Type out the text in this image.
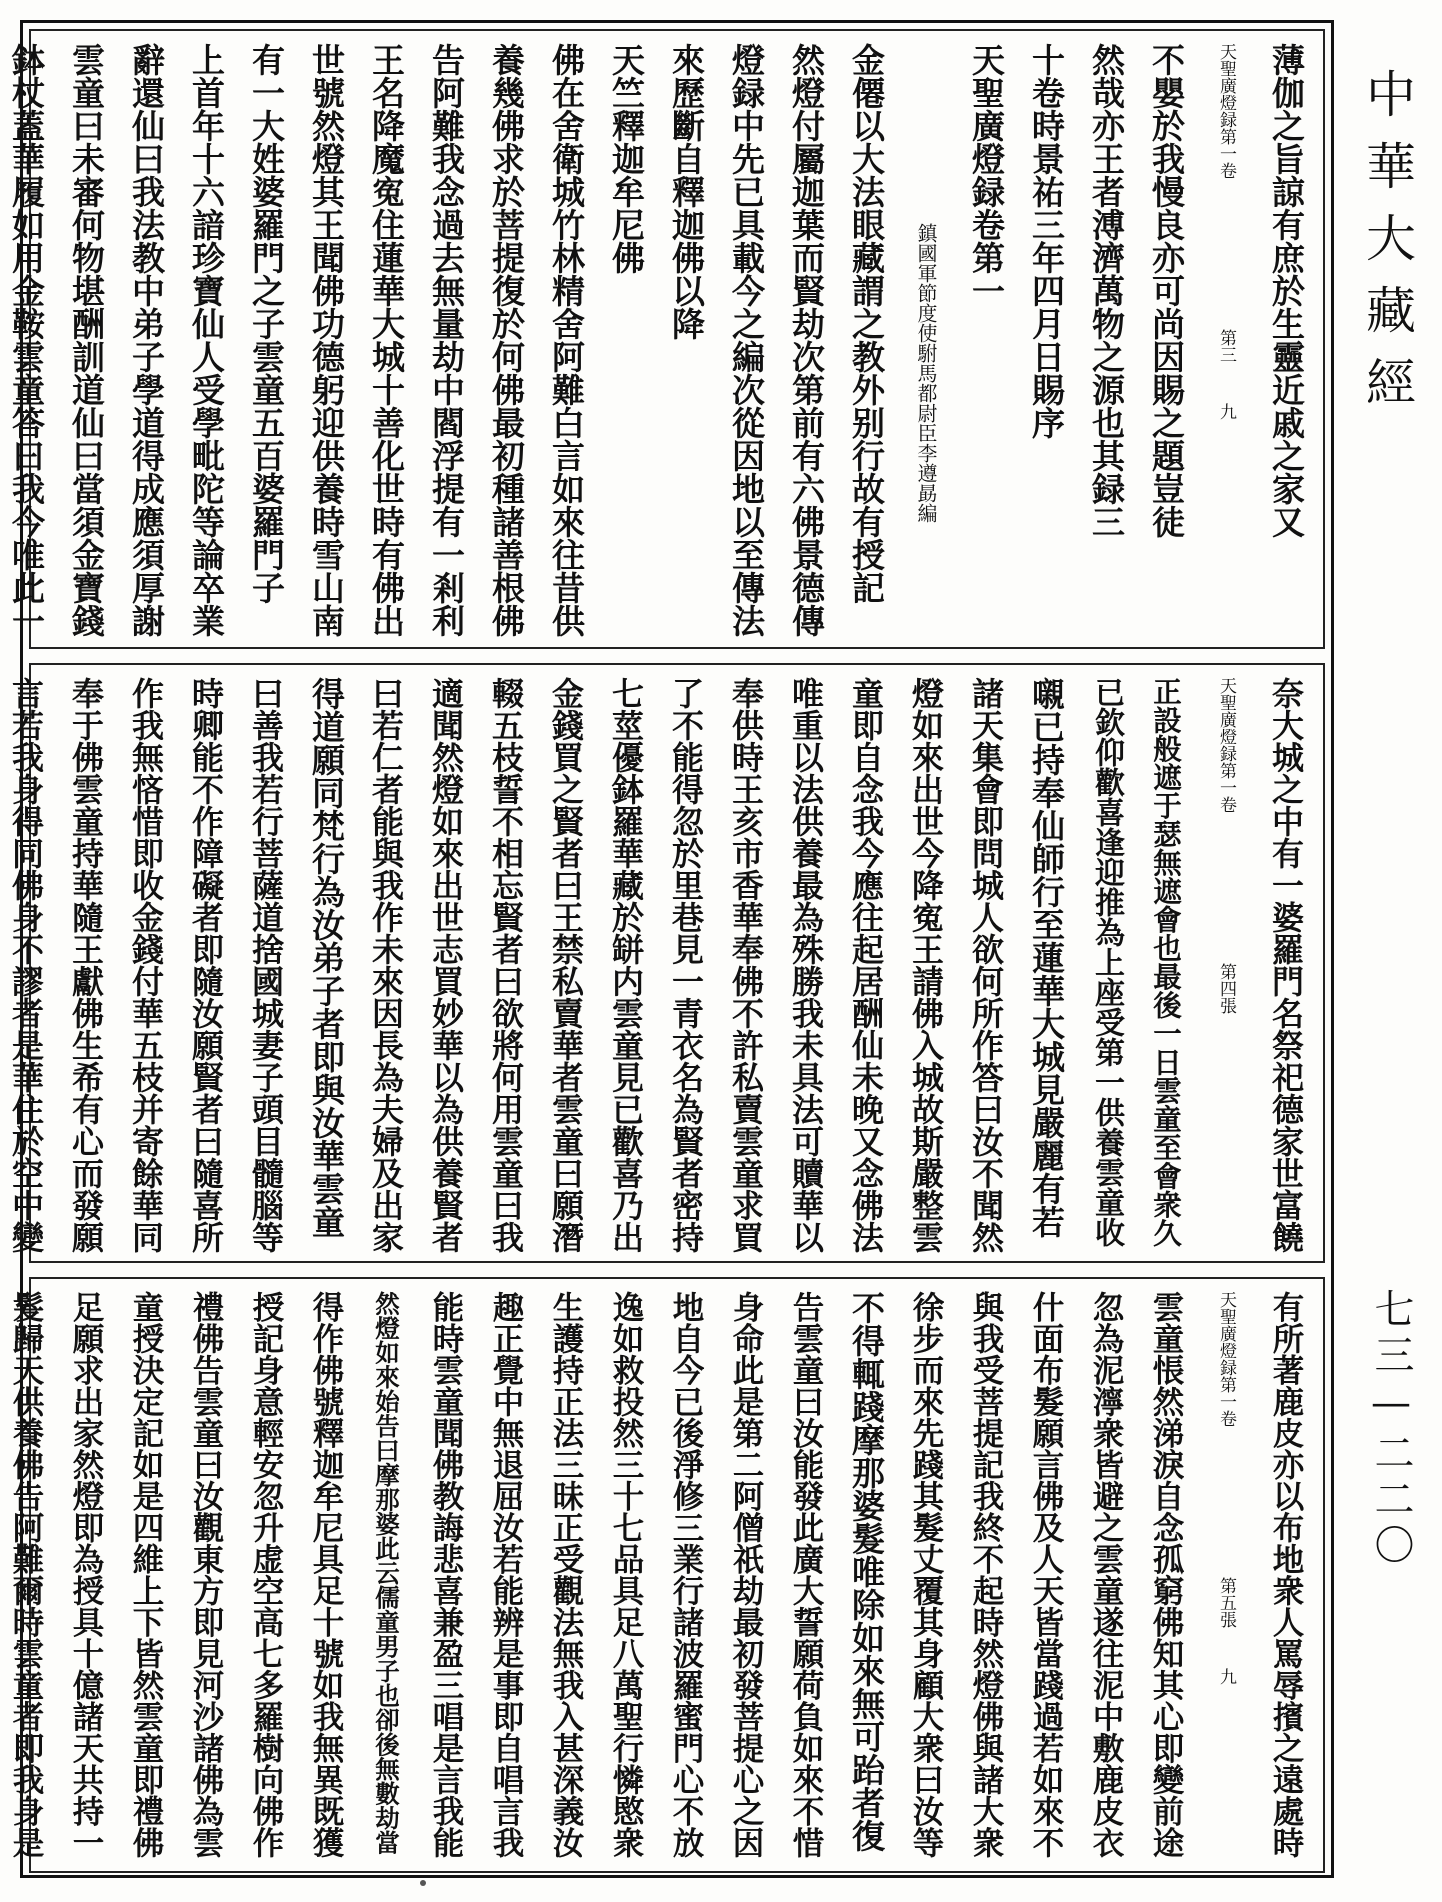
中華大藏經
七三—二二〇
薄伽之旨諒有庶於生靈近戚之家又
天聖廣燈録第一卷第三九
不嬰於我慢良亦可尚因賜之題豈徒
然哉亦王者溥濟萬物之源也其録三
十卷時景祐三年四月日賜序
天聖廣燈録卷第一
鎮國軍節度使駙馬都尉臣李遵勗編
金僊以大法眼藏謂之教外别行故有授記
然燈付屬迦葉而賢劫次第前有六佛景德傳
燈録中先已具載今之編次從因地以至傳法
來歷斷自釋迦佛以降
天竺釋迦牟尼佛
佛在舍衛城竹林精舍阿難白言如來往昔供
養幾佛求於菩提復於何佛最初種諸善根佛
告阿難我念過去無量劫中閻浮提有一剎利
王名降魔寃住蓮華大城十善化世時有佛出
世號然燈其王聞佛功德躬迎供養時雪山南
有一大姓婆羅門之子雲童五百婆羅門子
上首年十六諳珍寶仙人受學毗陀等論卒業
辭還仙曰我法教中弟子學道得成應須厚謝
雲童曰未審何物堪酬訓道仙曰當須金寶錢
鉢杖蓋華履如用金鞍雲童答曰我今唯此一
奈大城之中有一婆羅門名祭祀德家世富饒
天聖廣燈録第一卷第四張
正設般遮于瑟無遮會也最後一日雲童至會衆久
已欽仰歡喜逢迎推為上座受第一供養雲童收
嚫已持奉仙師行至蓮華大城見嚴麗有若
諸天集會即問城人欲何所作答曰汝不聞然
燈如來出世今降寃王請佛入城故斯嚴整雲
童即自念我今應往起居酬仙未晚又念佛法
唯重以法供養最為殊勝我未具法可贖華以
奉供時王亥市香華奉佛不許私賣雲童求買
了不能得忽於里巷見一青衣名為賢者密持
七莖優鉢羅華藏於缾内雲童見已歡喜乃出
金錢買之賢者曰王禁私賣華者雲童曰願潛
輟五枝誓不相忘賢者曰欲將何用雲童曰我
適聞然燈如來出世志買妙華以為供養賢者
曰若仁者能與我作未來因長為夫婦及出家
得道願同梵行為汝弟子者即與汝華雲童
曰善我若行菩薩道捨國城妻子頭目髓腦等
時卿能不作障礙者即隨汝願賢者曰隨喜所
作我無悋惜即收金錢付華五枝并寄餘華同
奉于佛雲童持華隨王獻佛生希有心而發願
言若我身得同佛身不謬者是華住於空中變
有所著鹿皮亦以布地衆人罵辱擯之遠處時
天聖廣燈録第一卷第五張九
雲童悵然涕淚自念孤窮佛知其心即變前途
忽為泥濘衆皆避之雲童遂往泥中敷鹿皮衣
什面布髮願言佛及人天皆當踐過若如來不
與我受菩提記我終不起時然燈佛與諸大衆
徐步而來先踐其髮丈覆其身顧大衆曰汝等
不得輒踐摩那婆髮唯除如來無可跆者復
告雲童曰汝能發此廣大誓願荷負如來不惜
身命此是第二阿僧祇劫最初發菩提心之因
地自今已後淨修三業行諸波羅蜜門心不放
逸如救投然三十七品具足八萬聖行憐愍衆
生護持正法三昧正受觀法無我入甚深義汝
趣正覺中無退屈汝若能辨是事即自唱言我
能時雲童聞佛教誨悲喜兼盈三唱是言我能
然燈如來始告曰摩那婆此云儒童男子也卻後無數劫當
得作佛號釋迦牟尼具足十號如我無異既獲
授記身意輕安忽升虚空高七多羅樹向佛作
禮佛告雲童曰汝觀東方即見河沙諸佛為雲
童授決定記如是四維上下皆然雲童即禮佛
足願求出家然燈即為授具十億諸天共持一
髮歸天供養佛告阿難爾時雲童者即我身是
